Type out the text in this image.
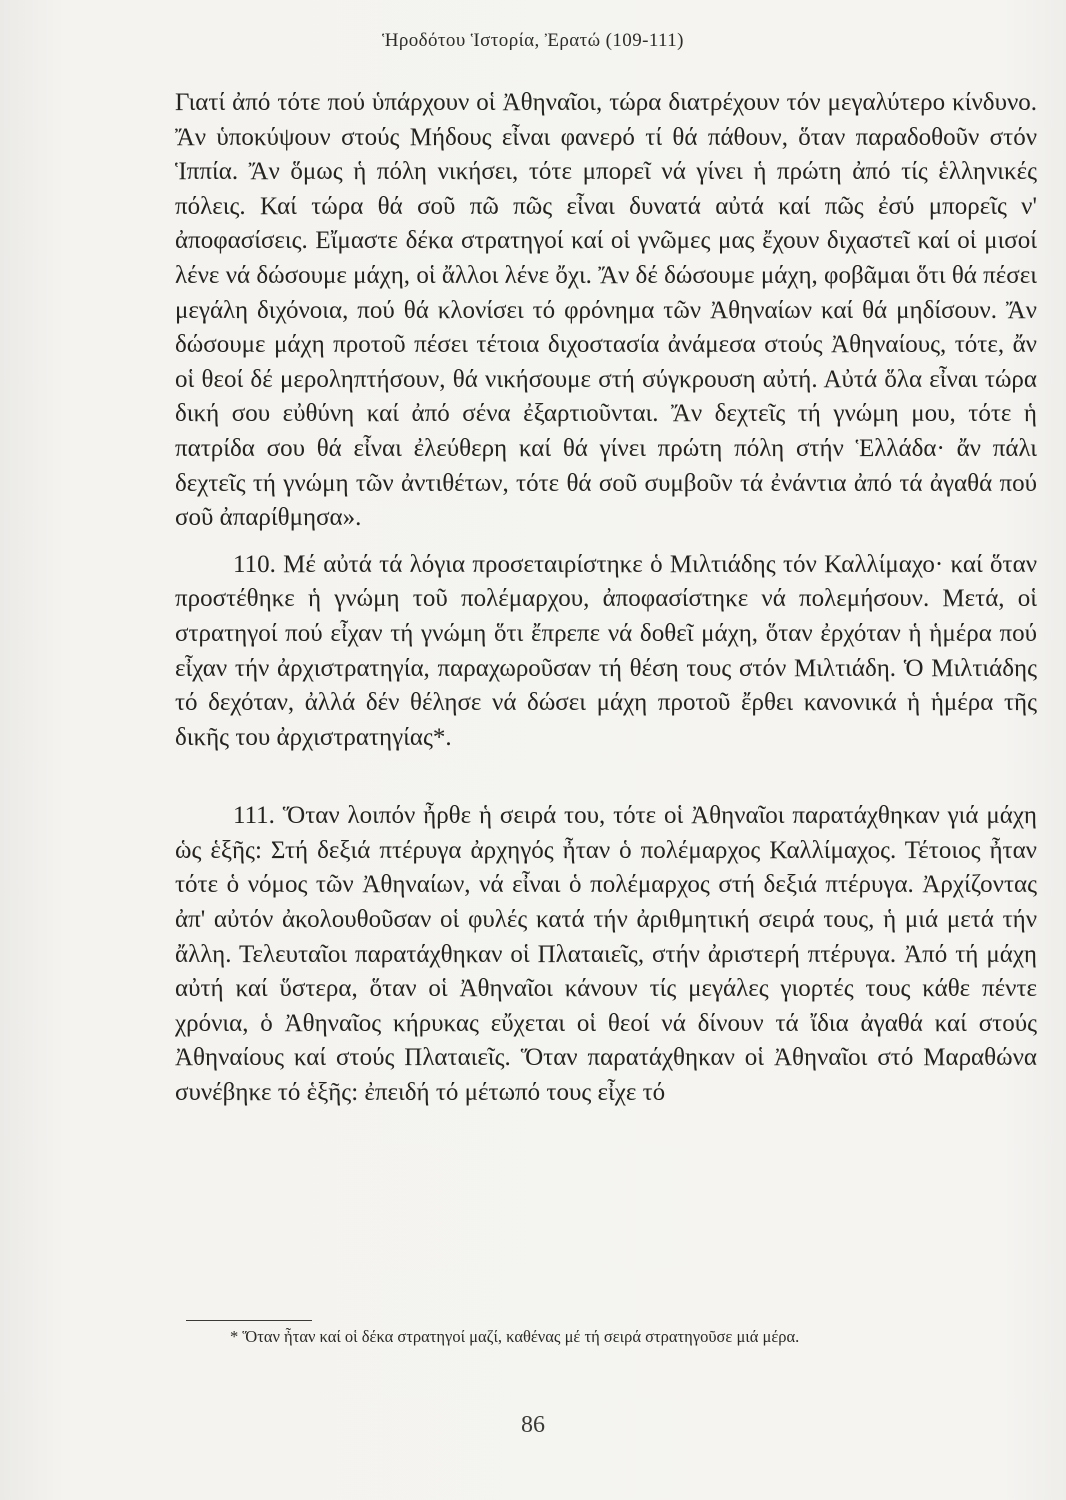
Ἡροδότου Ἱστορία, Ἐρατώ (109-111)

Γιατί ἀπό τότε πού ὑπάρχουν οἱ Ἀθηναῖοι, τώρα διατρέχουν τόν μεγαλύτερο κίνδυνο. Ἄν ὑποκύψουν στούς Μήδους εἶναι φανερό τί θά πάθουν, ὅταν παραδοθοῦν στόν Ἱππία. Ἄν ὅμως ἡ πόλη νικήσει, τότε μπορεῖ νά γίνει ἡ πρώτη ἀπό τίς ἑλληνικές πόλεις. Καί τώρα θά σοῦ πῶ πῶς εἶναι δυνατά αὐτά καί πῶς ἐσύ μπορεῖς ν' ἀποφασίσεις. Εἴμαστε δέκα στρατηγοί καί οἱ γνῶμες μας ἔχουν διχαστεῖ καί οἱ μισοί λένε νά δώσουμε μάχη, οἱ ἄλλοι λένε ὄχι. Ἄν δέ δώσουμε μάχη, φοβᾶμαι ὅτι θά πέσει μεγάλη διχόνοια, πού θά κλονίσει τό φρόνημα τῶν Ἀθηναίων καί θά μηδίσουν. Ἄν δώσουμε μάχη προτοῦ πέσει τέτοια διχοστασία ἀνάμεσα στούς Ἀθηναίους, τότε, ἄν οἱ θεοί δέ μεροληπτήσουν, θά νικήσουμε στή σύγκρουση αὐτή. Αὐτά ὅλα εἶναι τώρα δική σου εὐθύνη καί ἀπό σένα ἐξαρτιοῦνται. Ἄν δεχτεῖς τή γνώμη μου, τότε ἡ πατρίδα σου θά εἶναι ἐλεύθερη καί θά γίνει πρώτη πόλη στήν Ἑλλάδα· ἄν πάλι δεχτεῖς τή γνώμη τῶν ἀντιθέτων, τότε θά σοῦ συμβοῦν τά ἐνάντια ἀπό τά ἀγαθά πού σοῦ ἀπαρίθμησα».

110. Μέ αὐτά τά λόγια προσεταιρίστηκε ὁ Μιλτιάδης τόν Καλλίμαχο· καί ὅταν προστέθηκε ἡ γνώμη τοῦ πολέμαρχου, ἀποφασίστηκε νά πολεμήσουν. Μετά, οἱ στρατηγοί πού εἶχαν τή γνώμη ὅτι ἔπρεπε νά δοθεῖ μάχη, ὅταν ἐρχόταν ἡ ἡμέρα πού εἶχαν τήν ἀρχιστρατηγία, παραχωροῦσαν τή θέση τους στόν Μιλτιάδη. Ὁ Μιλτιάδης τό δεχόταν, ἀλλά δέν θέλησε νά δώσει μάχη προτοῦ ἔρθει κανονικά ἡ ἡμέρα τῆς δικῆς του ἀρχιστρατηγίας*.

111. Ὅταν λοιπόν ἦρθε ἡ σειρά του, τότε οἱ Ἀθηναῖοι παρατάχθηκαν γιά μάχη ὡς ἑξῆς: Στή δεξιά πτέρυγα ἀρχηγός ἦταν ὁ πολέμαρχος Καλλίμαχος. Τέτοιος ἦταν τότε ὁ νόμος τῶν Ἀθηναίων, νά εἶναι ὁ πολέμαρχος στή δεξιά πτέρυγα. Ἀρχίζοντας ἀπ' αὐτόν ἀκολουθοῦσαν οἱ φυλές κατά τήν ἀριθμητική σειρά τους, ἡ μιά μετά τήν ἄλλη. Τελευταῖοι παρατάχθηκαν οἱ Πλαταιεῖς, στήν ἀριστερή πτέρυγα. Ἀπό τή μάχη αὐτή καί ὕστερα, ὅταν οἱ Ἀθηναῖοι κάνουν τίς μεγάλες γιορτές τους κάθε πέντε χρόνια, ὁ Ἀθηναῖος κήρυκας εὔχεται οἱ θεοί νά δίνουν τά ἴδια ἀγαθά καί στούς Ἀθηναίους καί στούς Πλαταιεῖς. Ὅταν παρατάχθηκαν οἱ Ἀθηναῖοι στό Μαραθώνα συνέβηκε τό ἑξῆς: ἐπειδή τό μέτωπό τους εἶχε τό

* Ὅταν ἦταν καί οἱ δέκα στρατηγοί μαζί, καθένας μέ τή σειρά στρατηγοῦσε μιά μέρα.
86
